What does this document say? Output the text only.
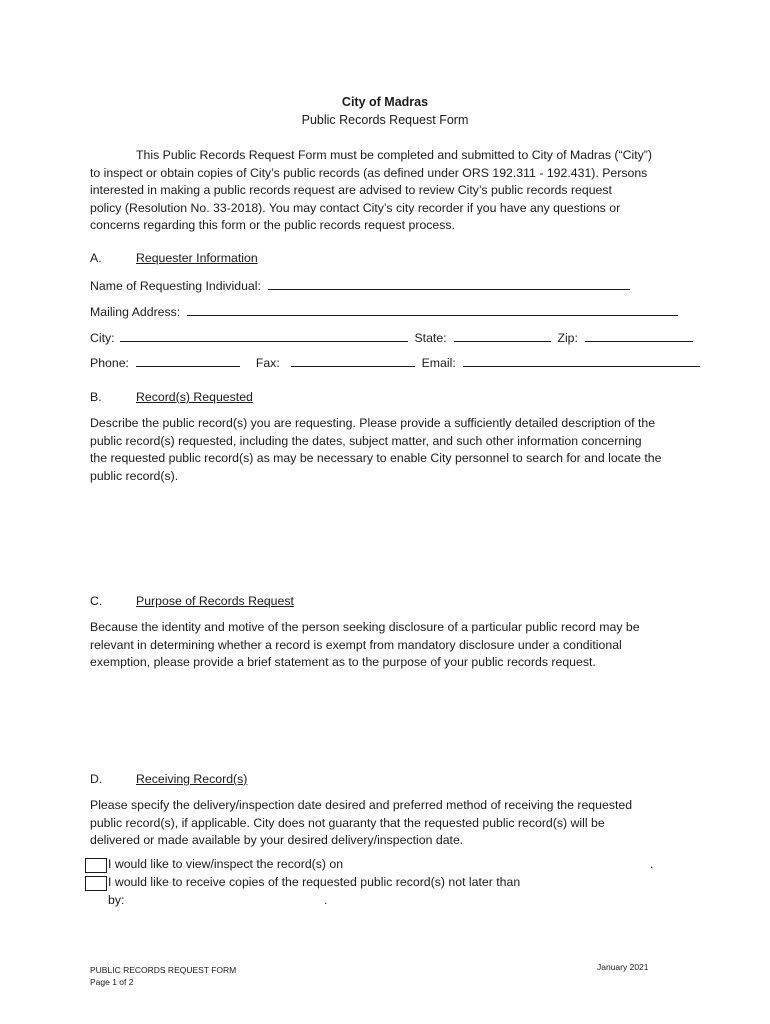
City of Madras
Public Records Request Form

This Public Records Request Form must be completed and submitted to City of Madras (“City”)

to inspect or obtain copies of City’s public records (as defined under ORS 192.311 - 192.431). Persons

interested in making a public records request are advised to review City’s public records request

policy (Resolution No. 33-2018). You may contact City’s city recorder if you have any questions or

concerns regarding this form or the public records request process.

A.	Requester Information
Name of Requesting Individual:
Mailing Address:
City:	State:	Zip:
Phone:	Fax:	Email:
B.	Record(s) Requested

Describe the public record(s) you are requesting. Please provide a sufficiently detailed description of the

public record(s) requested, including the dates, subject matter, and such other information concerning

the requested public record(s) as may be necessary to enable City personnel to search for and locate the

public record(s).

C.	Purpose of Records Request

Because the identity and motive of the person seeking disclosure of a particular public record may be

relevant in determining whether a record is exempt from mandatory disclosure under a conditional

exemption, please provide a brief statement as to the purpose of your public records request.

D.	Receiving Record(s)

Please specify the delivery/inspection date desired and preferred method of receiving the requested

public record(s), if applicable. City does not guaranty that the requested public record(s) will be

delivered or made available by your desired delivery/inspection date.

I would like to view/inspect the record(s) on	.
I would like to receive copies of the requested public record(s) not later than
by:	.
PUBLIC RECORDS REQUEST FORM
Page 1 of 2
January 2021
